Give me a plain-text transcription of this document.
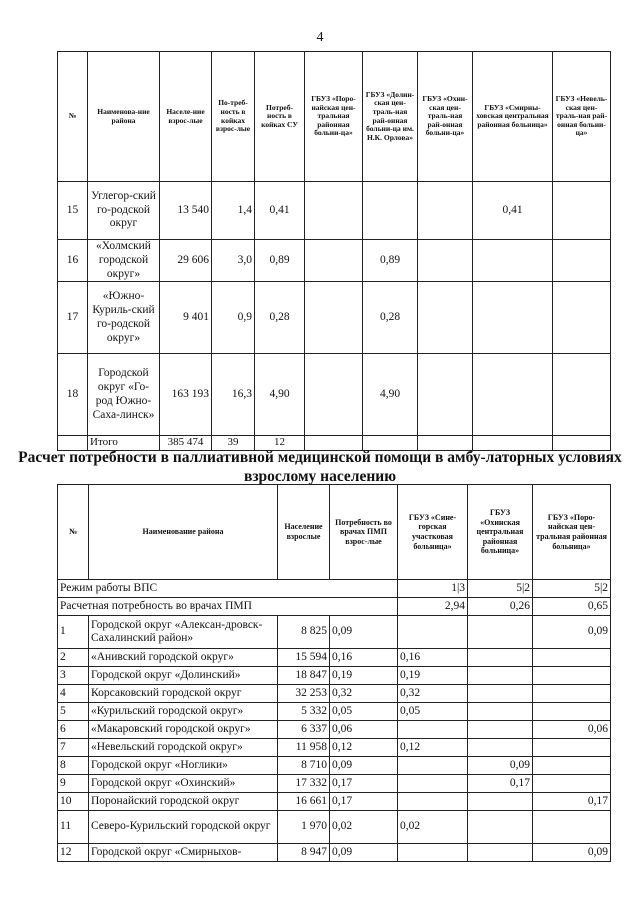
4
№	Наименова-ние района	Населе-ние взрос-лые	По-треб-ность в койках взрос-лые	Потреб-ность в койках СУ	ГБУЗ «Поро-найская цен-тральная районная больни-ца»	ГБУЗ «Долин-ская цен-траль-ная рай-онная больни-ца им. Н.К. Орлова»	ГБУЗ «Охин-ская цен-траль-ная рай-онная больни-ца»	ГБУЗ «Смирны-ховская центральная районная больница»	ГБУЗ «Невель-ская цен-траль-ная рай-онная больни-ца»
15	Углегор-ский го-родской округ	13 540	1,4	0,41				0,41	
16	«Холмский городской округ»	29 606	3,0	0,89		0,89			
17	«Южно-Куриль-ский го-родской округ»	9 401	0,9	0,28		0,28			
18	Городской округ «Го-род Южно-Саха-линск»	163 193	16,3	4,90		4,90			
	Итого	385 474	39	12					
Расчет потребности в паллиативной медицинской помощи в амбу-латорных условиях взрослому населению
№	Наименование района	Население взрослые	Потребность во врачах ПМП взрос-лые	ГБУЗ «Сине-горская участковая больница»	ГБУЗ «Охинская центральная районная больница»	ГБУЗ «Поро-найская цен-тральная районная больница»
Режим работы ВПС				1|3	5|2	5|2
Расчетная потребность во врачах ПМП				2,94	0,26	0,65
1	Городской округ «Алексан-дровск-Сахалинский район»	8 825	0,09			0,09
2	«Анивский городской округ»	15 594	0,16	0,16		
3	Городской округ «Долинский»	18 847	0,19	0,19		
4	Корсаковский городской округ	32 253	0,32	0,32		
5	«Курильский городской округ»	5 332	0,05	0,05		
6	«Макаровский городской округ»	6 337	0,06			0,06
7	«Невельский городской округ»	11 958	0,12	0,12		
8	Городской округ «Ноглики»	8 710	0,09		0,09	
9	Городской округ «Охинский»	17 332	0,17		0,17	
10	Поронайский городской округ	16 661	0,17			0,17
11	Северо-Курильский городской округ	1 970	0,02	0,02		
12	Городской округ «Смирныхов-	8 947	0,09			0,09
